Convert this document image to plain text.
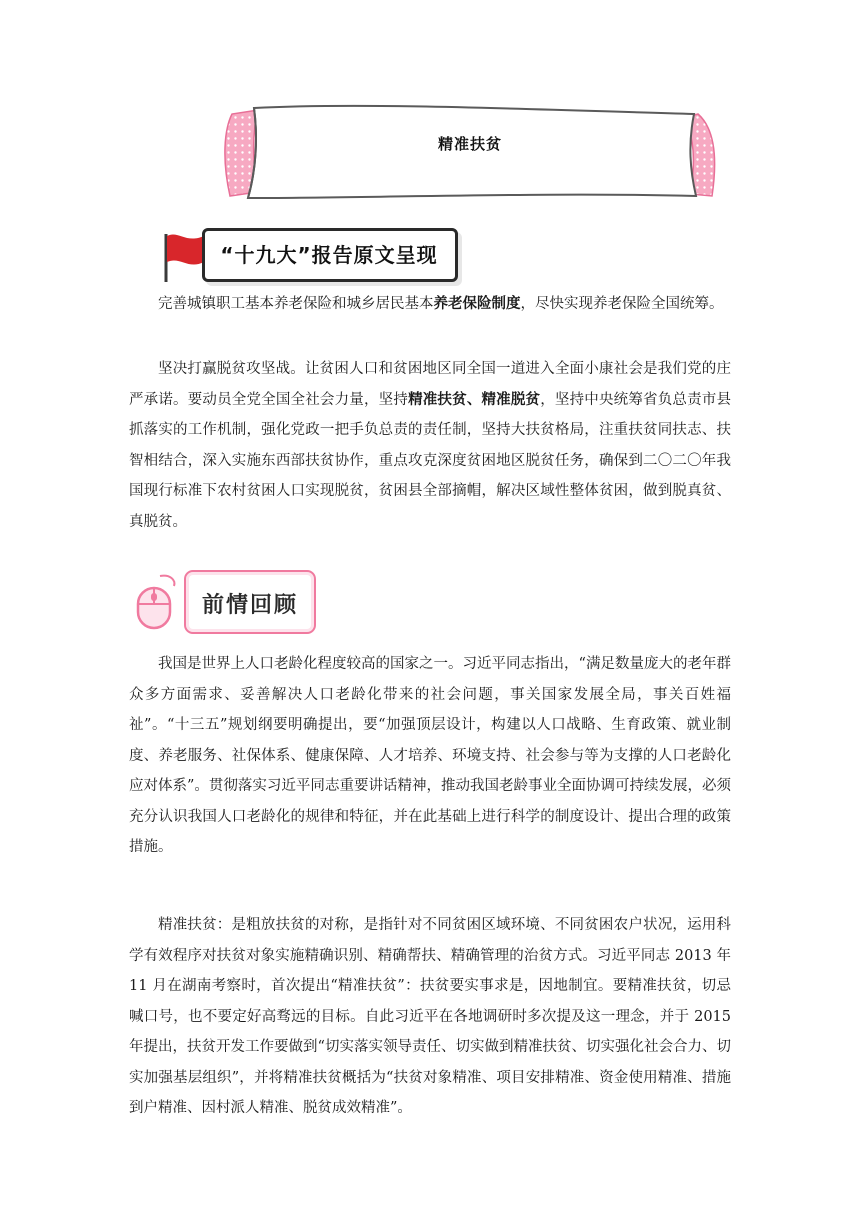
精准扶贫
“十九大”报告原文呈现

完善城镇职工基本养老保险和城乡居民基本养老保险制度，尽快实现养老保险全国统筹。

坚决打赢脱贫攻坚战。让贫困人口和贫困地区同全国一道进入全面小康社会是我们党的庄严承诺。要动员全党全国全社会力量，坚持精准扶贫、精准脱贫，坚持中央统筹省负总责市县抓落实的工作机制，强化党政一把手负总责的责任制，坚持大扶贫格局，注重扶贫同扶志、扶智相结合，深入实施东西部扶贫协作，重点攻克深度贫困地区脱贫任务，确保到二〇二〇年我国现行标准下农村贫困人口实现脱贫，贫困县全部摘帽，解决区域性整体贫困，做到脱真贫、真脱贫。

前情回顾

我国是世界上人口老龄化程度较高的国家之一。习近平同志指出，“满足数量庞大的老年群众多方面需求、妥善解决人口老龄化带来的社会问题，事关国家发展全局，事关百姓福祉”。“十三五”规划纲要明确提出，要“加强顶层设计，构建以人口战略、生育政策、就业制度、养老服务、社保体系、健康保障、人才培养、环境支持、社会参与等为支撑的人口老龄化应对体系”。贯彻落实习近平同志重要讲话精神，推动我国老龄事业全面协调可持续发展，必须充分认识我国人口老龄化的规律和特征，并在此基础上进行科学的制度设计、提出合理的政策措施。

精准扶贫：是粗放扶贫的对称，是指针对不同贫困区域环境、不同贫困农户状况，运用科学有效程序对扶贫对象实施精确识别、精确帮扶、精确管理的治贫方式。习近平同志 2013 年 11 月在湖南考察时，首次提出“精准扶贫”：扶贫要实事求是，因地制宜。要精准扶贫，切忌喊口号，也不要定好高骛远的目标。自此习近平在各地调研时多次提及这一理念，并于 2015 年提出，扶贫开发工作要做到“切实落实领导责任、切实做到精准扶贫、切实强化社会合力、切实加强基层组织”，并将精准扶贫概括为“扶贫对象精准、项目安排精准、资金使用精准、措施到户精准、因村派人精准、脱贫成效精准”。
